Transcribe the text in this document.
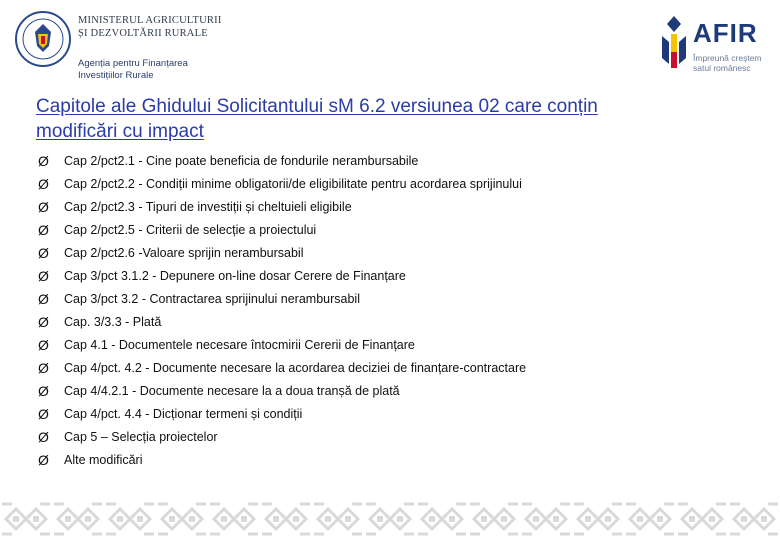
MINISTERUL AGRICULTURII
ȘI DEZVOLTĂRII RURALE
Agenția pentru Finanțarea
Investițiilor Rurale
AFIR
Împreună creștem
satul românesc
Capitole ale Ghidului Solicitantului sM 6.2 versiunea 02 care conțin
modificări cu impact
Ø	Cap 2/pct2.1 - Cine poate beneficia de fondurile nerambursabile
Ø	Cap 2/pct2.2 - Condiții minime obligatorii/de eligibilitate pentru acordarea sprijinului
Ø	Cap 2/pct2.3 - Tipuri de investiții și cheltuieli eligibile
Ø	Cap 2/pct2.5 - Criterii de selecție a proiectului
Ø	Cap 2/pct2.6 -Valoare sprijin nerambursabil
Ø	Cap 3/pct 3.1.2 - Depunere on-line dosar Cerere de Finanțare
Ø	Cap 3/pct 3.2 - Contractarea sprijinului nerambursabil
Ø	Cap. 3/3.3 - Plată
Ø	Cap 4.1 - Documentele necesare întocmirii Cererii de Finanțare
Ø	Cap 4/pct. 4.2 - Documente necesare la acordarea deciziei de finanțare-contractare
Ø	Cap 4/4.2.1 - Documente necesare la a doua tranșă de plată
Ø	Cap 4/pct. 4.4 - Dicționar termeni și condiții
Ø	Cap 5 – Selecția proiectelor
Ø	Alte modificări
